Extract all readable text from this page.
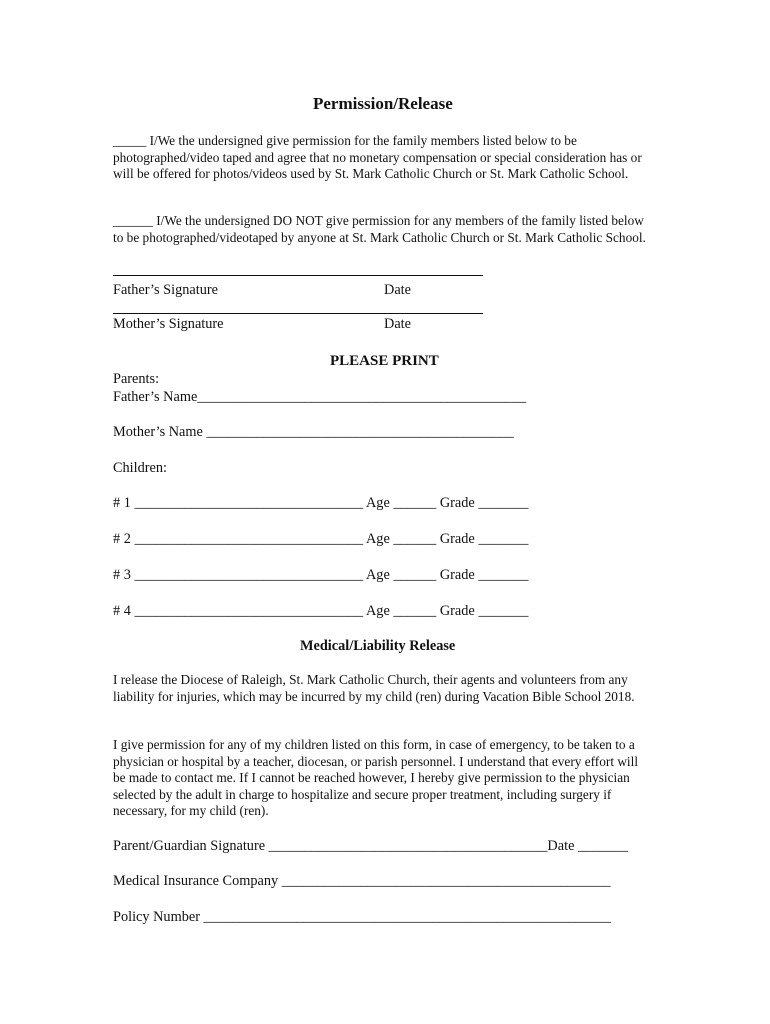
Permission/Release
_____ I/We the undersigned give permission for the family members listed below to be photographed/video taped and agree that no monetary compensation or special consideration has or will be offered for photos/videos used by St. Mark Catholic Church or St. Mark Catholic School.
______ I/We the undersigned DO NOT give permission for any members of the family listed below to be photographed/videotaped by anyone at St. Mark Catholic Church or St. Mark Catholic School.
Father’s Signature	Date
Mother’s Signature	Date
PLEASE PRINT
Parents:
Father’s Name______________________________________________
Mother’s Name ___________________________________________
Children:
# 1 ________________________________ Age ______ Grade _______
# 2 ________________________________ Age ______ Grade _______
# 3 ________________________________ Age ______ Grade _______
# 4 ________________________________ Age ______ Grade _______
Medical/Liability Release
I release the Diocese of Raleigh, St. Mark Catholic Church, their agents and volunteers from any liability for injuries, which may be incurred by my child (ren) during Vacation Bible School 2018.
I give permission for any of my children listed on this form, in case of emergency, to be taken to a physician or hospital by a teacher, diocesan, or parish personnel. I understand that every effort will be made to contact me. If I cannot be reached however, I hereby give permission to the physician selected by the adult in charge to hospitalize and secure proper treatment, including surgery if necessary, for my child (ren).
Parent/Guardian Signature _______________________________________Date _______
Medical Insurance Company ______________________________________________
Policy Number _________________________________________________________
